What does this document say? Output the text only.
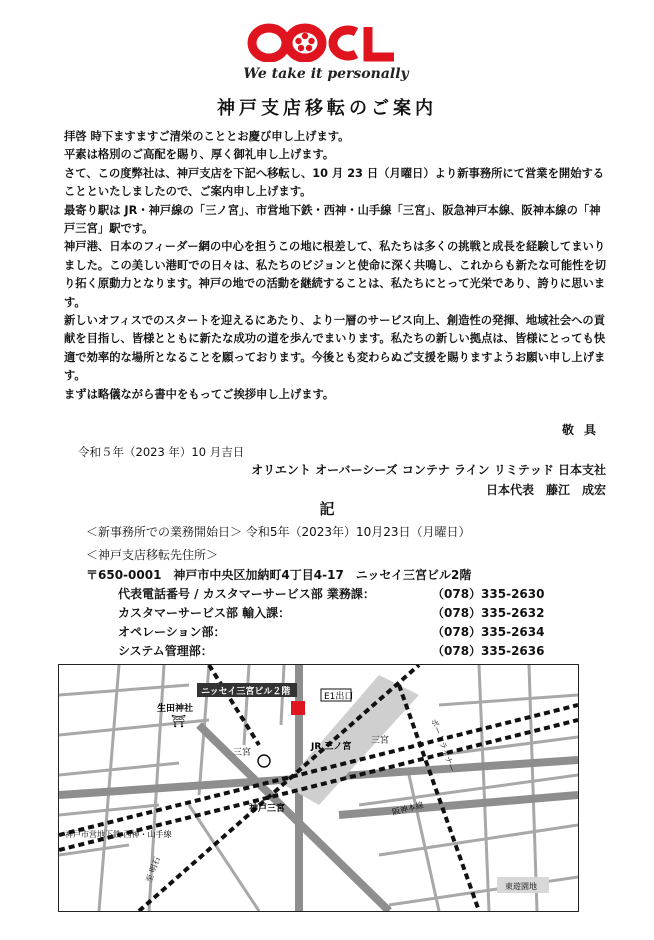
We take it personally
神戸支店移転のご案内

拝啓 時下ますますご清栄のこととお慶び申し上げます。

平素は格別のご高配を賜り、厚く御礼申し上げます。

さて、この度弊社は、神戸支店を下記へ移転し、10 月 23 日（月曜日）より新事務所にて営業を開始することといたしましたので、ご案内申し上げます。

最寄り駅は JR・神戸線の「三ノ宮」、市営地下鉄・西神・山手線「三宮」、阪急神戸本線、阪神本線の「神戸三宮」駅です。

神戸港、日本のフィーダー網の中心を担うこの地に根差して、私たちは多くの挑戦と成長を経験してまいりました。この美しい港町での日々は、私たちのビジョンと使命に深く共鳴し、これからも新たな可能性を切り拓く原動力となります。神戸の地での活動を継続することは、私たちにとって光栄であり、誇りに思います。

新しいオフィスでのスタートを迎えるにあたり、より一層のサービス向上、創造性の発揮、地域社会への貢献を目指し、皆様とともに新たな成功の道を歩んでまいります。私たちの新しい拠点は、皆様にとっても快適で効率的な場所となることを願っております。今後とも変わらぬご支援を賜りますようお願い申し上げます。

まずは略儀ながら書中をもってご挨拶申し上げます。

敬具
令和５年（2023 年）10 月吉日
オリエント オーバーシーズ コンテナ ライン リミテッド 日本支社
日本代表　藤江　成宏
記
＜新事務所での業務開始日＞ 令和5年（2023年）10月23日（月曜日）
＜神戸支店移転先住所＞
〒650-0001　神戸市中央区加納町4丁目4-17　ニッセイ三宮ビル2階
代表電話番号 / カスタマーサービス部 業務課：	（078）335-2630
カスタマーサービス部 輸入課：	（078）335-2632
オペレーション部：	（078）335-2634
システム管理部：	（078）335-2636
ニッセイ三宮ビル２階	E1出口
生田神社
⛩
三宮
JR 三ノ宮
三宮
神戸三宮
神戸市営地下鉄 西神・山手線
阪神本線
ポートライナー
東遊園地
至 明石
